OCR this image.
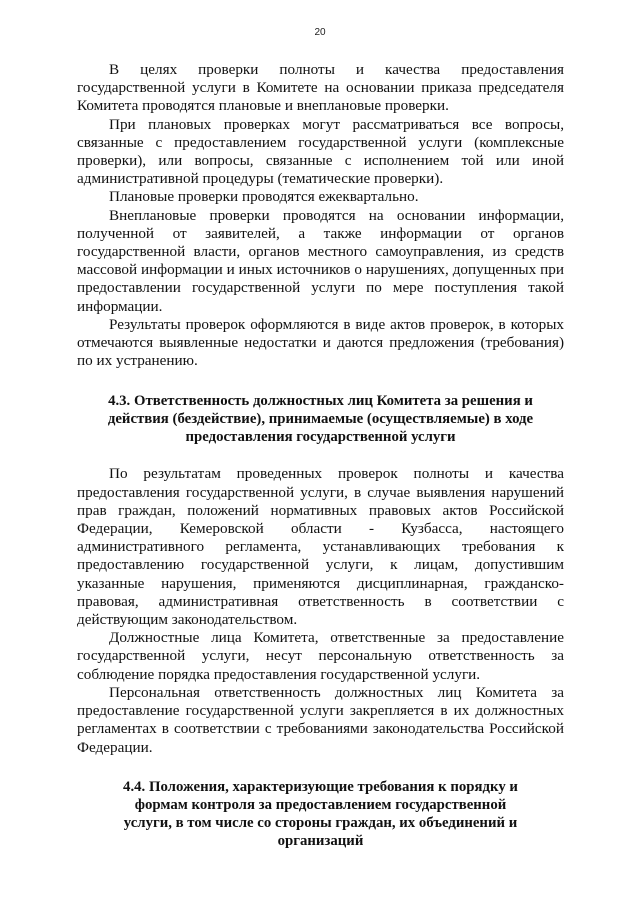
20

В целях проверки полноты и качества предоставления государственной услуги в Комитете на основании приказа председателя Комитета проводятся плановые и внеплановые проверки.

При плановых проверках могут рассматриваться все вопросы, связанные с предоставлением государственной услуги (комплексные проверки), или вопросы, связанные с исполнением той или иной административной процедуры (тематические проверки).

Плановые проверки проводятся ежеквартально.

Внеплановые проверки проводятся на основании информации, полученной от заявителей, а также информации от органов государственной власти, органов местного самоуправления, из средств массовой информации и иных источников о нарушениях, допущенных при предоставлении государственной услуги по мере поступления такой информации.

Результаты проверок оформляются в виде актов проверок, в которых отмечаются выявленные недостатки и даются предложения (требования) по их устранению.

4.3. Ответственность должностных лиц Комитета за решения и действия (бездействие), принимаемые (осуществляемые) в ходе предоставления государственной услуги

По результатам проведенных проверок полноты и качества предоставления государственной услуги, в случае выявления нарушений прав граждан, положений нормативных правовых актов Российской Федерации, Кемеровской области - Кузбасса, настоящего административного регламента, устанавливающих требования к предоставлению государственной услуги, к лицам, допустившим указанные нарушения, применяются дисциплинарная, гражданско-правовая, административная ответственность в соответствии с действующим законодательством.

Должностные лица Комитета, ответственные за предоставление государственной услуги, несут персональную ответственность за соблюдение порядка предоставления государственной услуги.

Персональная ответственность должностных лиц Комитета за предоставление государственной услуги закрепляется в их должностных регламентах в соответствии с требованиями законодательства Российской Федерации.

4.4. Положения, характеризующие требования к порядку и формам контроля за предоставлением государственной услуги, в том числе со стороны граждан, их объединений и организаций
